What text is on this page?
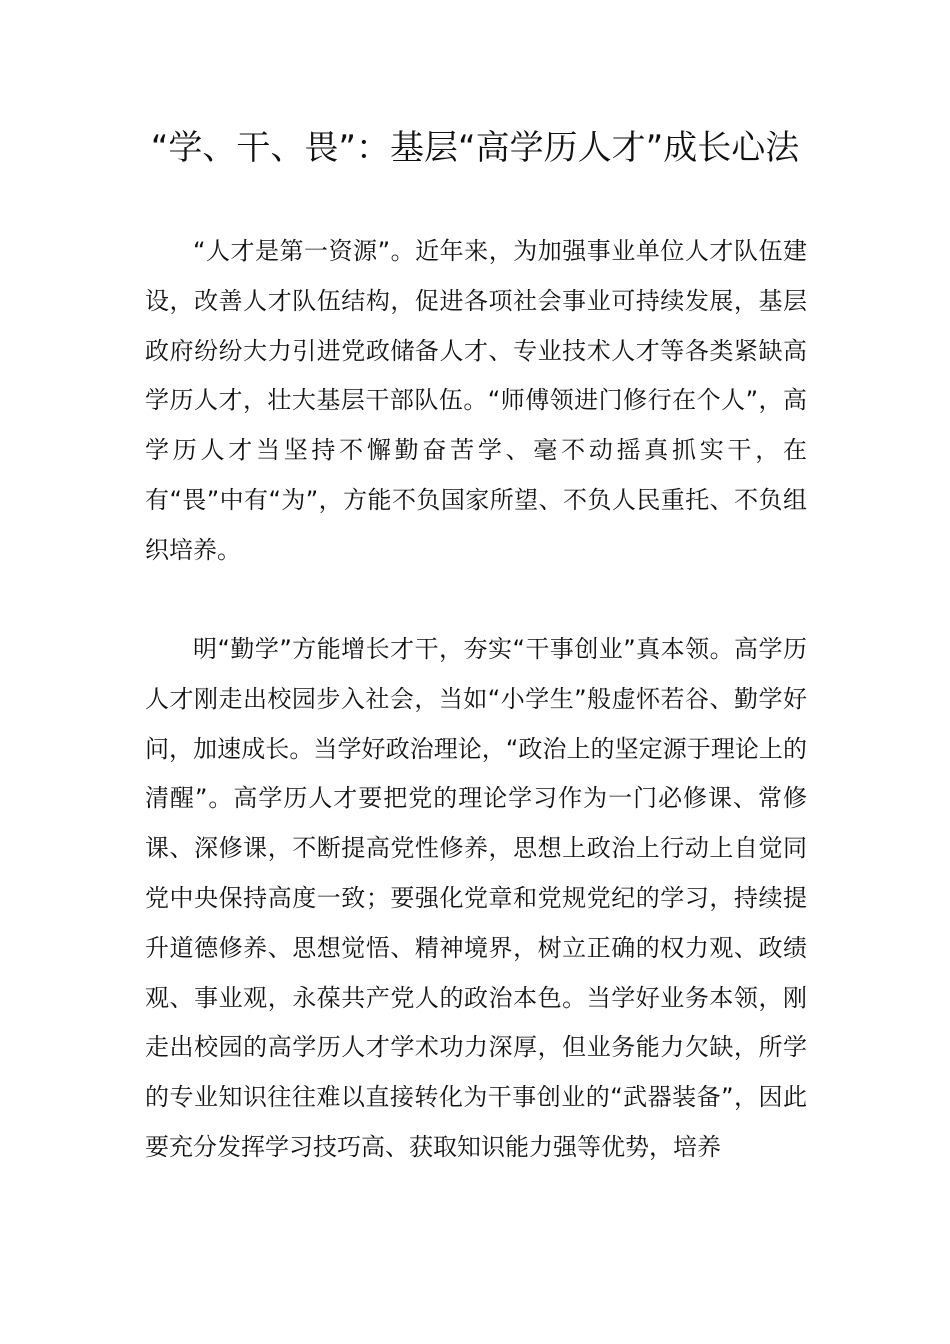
“学、干、畏”：基层“高学历人才”成长心法

“人才是第一资源”。近年来，为加强事业单位人才队伍建设，改善人才队伍结构，促进各项社会事业可持续发展，基层政府纷纷大力引进党政储备人才、专业技术人才等各类紧缺高学历人才，壮大基层干部队伍。“师傅领进门修行在个人”，高学历人才当坚持不懈勤奋苦学、毫不动摇真抓实干，在有“畏”中有“为”，方能不负国家所望、不负人民重托、不负组织培养。

明“勤学”方能增长才干，夯实“干事创业”真本领。高学历人才刚走出校园步入社会，当如“小学生”般虚怀若谷、勤学好问，加速成长。当学好政治理论，“政治上的坚定源于理论上的清醒”。高学历人才要把党的理论学习作为一门必修课、常修课、深修课，不断提高党性修养，思想上政治上行动上自觉同党中央保持高度一致；要强化党章和党规党纪的学习，持续提升道德修养、思想觉悟、精神境界，树立正确的权力观、政绩观、事业观，永葆共产党人的政治本色。当学好业务本领，刚走出校园的高学历人才学术功力深厚，但业务能力欠缺，所学的专业知识往往难以直接转化为干事创业的“武器装备”，因此要充分发挥学习技巧高、获取知识能力强等优势，培养
